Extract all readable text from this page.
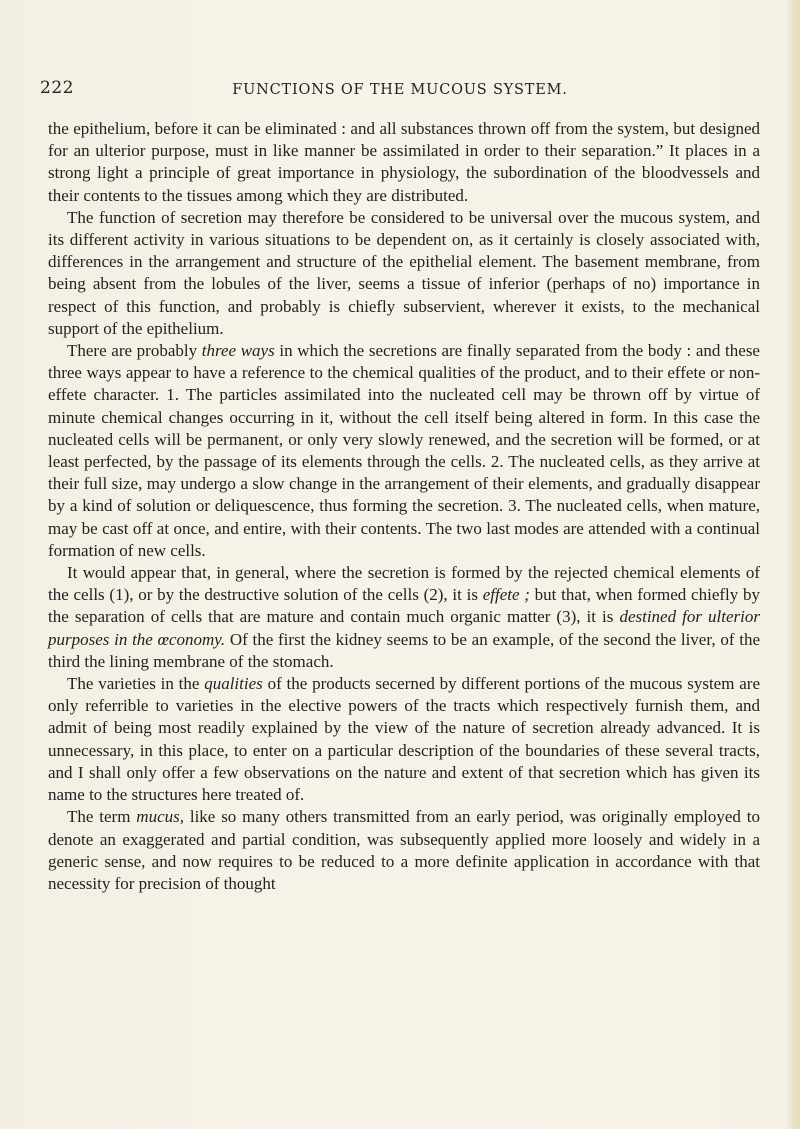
222	FUNCTIONS OF THE MUCOUS SYSTEM.

the epithelium, before it can be eliminated : and all substances thrown off from the system, but designed for an ulterior purpose, must in like manner be assimilated in order to their separation.” It places in a strong light a principle of great importance in physiology, the subordination of the bloodvessels and their contents to the tissues among which they are distributed.

The function of secretion may therefore be considered to be universal over the mucous system, and its different activity in various situations to be dependent on, as it certainly is closely associated with, differences in the arrangement and structure of the epithelial element. The basement membrane, from being absent from the lobules of the liver, seems a tissue of inferior (perhaps of no) importance in respect of this function, and probably is chiefly subservient, wherever it exists, to the mechanical support of the epithelium.

There are probably three ways in which the secretions are finally separated from the body : and these three ways appear to have a reference to the chemical qualities of the product, and to their effete or non-effete character. 1. The particles assimilated into the nucleated cell may be thrown off by virtue of minute chemical changes occurring in it, without the cell itself being altered in form. In this case the nucleated cells will be permanent, or only very slowly renewed, and the secretion will be formed, or at least perfected, by the passage of its elements through the cells. 2. The nucleated cells, as they arrive at their full size, may undergo a slow change in the arrangement of their elements, and gradually disappear by a kind of solution or deliquescence, thus forming the secretion. 3. The nucleated cells, when mature, may be cast off at once, and entire, with their contents. The two last modes are attended with a continual formation of new cells.

It would appear that, in general, where the secretion is formed by the rejected chemical elements of the cells (1), or by the destructive solution of the cells (2), it is effete ; but that, when formed chiefly by the separation of cells that are mature and contain much organic matter (3), it is destined for ulterior purposes in the œconomy. Of the first the kidney seems to be an example, of the second the liver, of the third the lining membrane of the stomach.

The varieties in the qualities of the products secerned by different portions of the mucous system are only referrible to varieties in the elective powers of the tracts which respectively furnish them, and admit of being most readily explained by the view of the nature of secretion already advanced. It is unnecessary, in this place, to enter on a particular description of the boundaries of these several tracts, and I shall only offer a few observations on the nature and extent of that secretion which has given its name to the structures here treated of.

The term mucus, like so many others transmitted from an early period, was originally employed to denote an exaggerated and partial condition, was subsequently applied more loosely and widely in a generic sense, and now requires to be reduced to a more definite application in accordance with that necessity for precision of thought
